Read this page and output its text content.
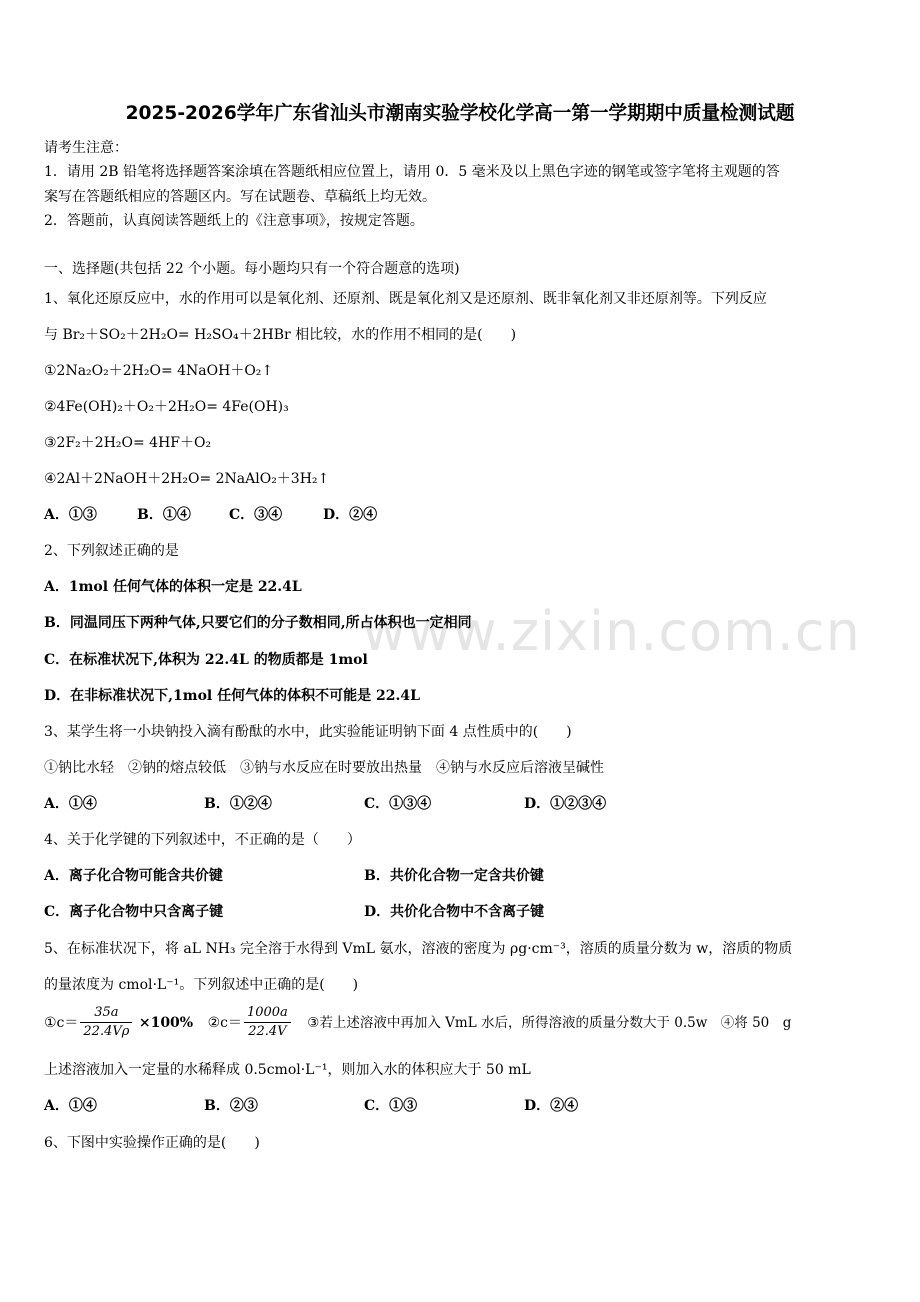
www.zixin.com.cn
2025-2026学年广东省汕头市潮南实验学校化学高一第一学期期中质量检测试题
请考生注意：
1．请用 2B 铅笔将选择题答案涂填在答题纸相应位置上，请用 0．5 毫米及以上黑色字迹的钢笔或签字笔将主观题的答
案写在答题纸相应的答题区内。写在试题卷、草稿纸上均无效。
2．答题前，认真阅读答题纸上的《注意事项》，按规定答题。
一、选择题(共包括 22 个小题。每小题均只有一个符合题意的选项)
1、氧化还原反应中，水的作用可以是氧化剂、还原剂、既是氧化剂又是还原剂、既非氧化剂又非还原剂等。下列反应
与 Br₂＋SO₂＋2H₂O= H₂SO₄＋2HBr 相比较，水的作用不相同的是(　　)
①2Na₂O₂＋2H₂O= 4NaOH＋O₂↑
②4Fe(OH)₂＋O₂＋2H₂O= 4Fe(OH)₃
③2F₂＋2H₂O= 4HF＋O₂
④2Al＋2NaOH＋2H₂O= 2NaAlO₂＋3H₂↑
A．①③	B．①④	C．③④	D．②④
2、下列叙述正确的是
A．1mol 任何气体的体积一定是 22.4L
B．同温同压下两种气体,只要它们的分子数相同,所占体积也一定相同
C．在标准状况下,体积为 22.4L 的物质都是 1mol
D．在非标准状况下,1mol 任何气体的体积不可能是 22.4L
3、某学生将一小块钠投入滴有酚酞的水中，此实验能证明钠下面 4 点性质中的(　　)
①钠比水轻　②钠的熔点较低　③钠与水反应在时要放出热量　④钠与水反应后溶液呈碱性
A．①④	B．①②④	C．①③④	D．①②③④
4、关于化学键的下列叙述中，不正确的是（　　）
A．离子化合物可能含共价键	B．共价化合物一定含共价键
C．离子化合物中只含离子键	D．共价化合物中不含离子键
5、在标准状况下，将 aL NH₃ 完全溶于水得到 VmL 氨水，溶液的密度为 ρg·cm⁻³，溶质的质量分数为 w，溶质的物质
的量浓度为 cmol·L⁻¹。下列叙述中正确的是(　　)
①c＝ $\frac{35a}{22.4V\rho} \times 100\%$ ②c＝ $\frac{1000a}{22.4V}$ ③若上述溶液中再加入 VmL 水后，所得溶液的质量分数大于 0.5w　④将 50　g
上述溶液加入一定量的水稀释成 0.5cmol·L⁻¹，则加入水的体积应大于 50 mL
A．①④	B．②③	C．①③	D．②④
6、下图中实验操作正确的是(　　)
